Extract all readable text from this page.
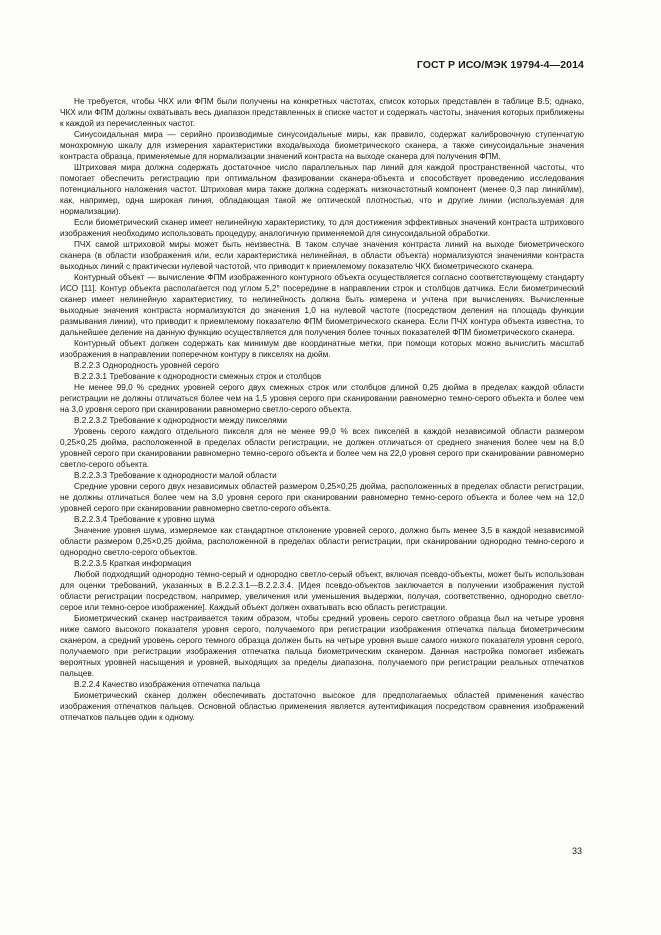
ГОСТ Р ИСО/МЭК 19794-4—2014

Не требуется, чтобы ЧКХ или ФПМ были получены на конкретных частотах, список которых представлен в таблице В.5; однако, ЧКХ или ФПМ должны охватывать весь диапазон представленных в списке частот и содержать частоты, значения которых приближены к каждой из перечисленных частот.

Синусоидальная мира — серийно производимые синусоидальные миры, как правило, содержат калибровочную ступенчатую монохромную шкалу для измерения характеристики входа/выхода биометрического сканера, а также синусоидальные значения контраста образца, применяемые для нормализации значений контраста на выходе сканера для получения ФПМ.

Штриховая мира должна содержать достаточное число параллельных пар линий для каждой пространственной частоты, что помогает обеспечить регистрацию при оптимальном фазировании сканера-объекта и способствует проведению исследования потенциального наложения частот. Штриховая мира также должна содержать низкочастотный компонент (менее 0,3 пар линий/мм), как, например, одна широкая линия, обладающая такой же оптической плотностью, что и другие линии (используемая для нормализации).

Если биометрический сканер имеет нелинейную характеристику, то для достижения эффективных значений контраста штрихового изображения необходимо использовать процедуру, аналогичную применяемой для синусоидальной обработки.

ПЧХ самой штриховой миры может быть неизвестна. В таком случае значения контраста линий на выходе биометрического сканера (в области изображения или, если характеристика нелинейная, в области объекта) нормализуются значениями контраста выходных линий с практически нулевой частотой, что приводит к приемлемому показателю ЧКХ биометрического сканера.

Контурный объект — вычисление ФПМ изображенного контурного объекта осуществляется согласно соответствующему стандарту ИСО [11]. Контур объекта располагается под углом 5,2° посередине в направлении строк и столбцов датчика. Если биометрический сканер имеет нелинейную характеристику, то нелинейность должна быть измерена и учтена при вычислениях. Вычисленные выходные значения контраста нормализуются до значения 1,0 на нулевой частоте (посредством деления на площадь функции размывания линии), что приводит к приемлемому показателю ФПМ биометрического сканера. Если ПЧХ контура объекта известна, то дальнейшее деление на данную функцию осуществляется для получения более точных показателей ФПМ биометрического сканера.

Контурный объект должен содержать как минимум две координатные метки, при помощи которых можно вычислить масштаб изображения в направлении поперечном контуру в пикселях на дюйм.

В.2.2.3 Однородность уровней серого

В.2.2.3.1 Требование к однородности смежных строк и столбцов

Не менее 99,0 % средних уровней серого двух смежных строк или столбцов длиной 0,25 дюйма в пределах каждой области регистрации не должны отличаться более чем на 1,5 уровня серого при сканировании равномерно темно-серого объекта и более чем на 3,0 уровня серого при сканировании равномерно светло-серого объекта.

В.2.2.3.2 Требование к однородности между пикселями

Уровень серого каждого отдельного пикселя для не менее 99,0 % всех пикселей в каждой независимой области размером 0,25×0,25 дюйма, расположенной в пределах области регистрации, не должен отличаться от среднего значения более чем на 8,0 уровней серого при сканировании равномерно темно-серого объекта и более чем на 22,0 уровня серого при сканировании равномерно светло-серого объекта.

В.2.2.3.3 Требование к однородности малой области

Средние уровни серого двух независимых областей размером 0,25×0,25 дюйма, расположенных в пределах области регистрации, не должны отличаться более чем на 3,0 уровня серого при сканировании равномерно темно-серого объекта и более чем на 12,0 уровней серого при сканировании равномерно светло-серого объекта.

В.2.2.3.4 Требование к уровню шума

Значение уровня шума, измеряемое как стандартное отклонение уровней серого, должно быть менее 3,5 в каждой независимой области размером 0,25×0,25 дюйма, расположенной в пределах области регистрации, при сканировании однородно темно-серого и однородно светло-серого объектов.

В.2.2.3.5 Краткая информация

Любой подходящий однородно темно-серый и однородно светло-серый объект, включая псевдо-объекты, может быть использован для оценки требований, указанных в В.2.2.3.1—В.2.2.3.4. [Идея псевдо-объектов заключается в получении изображения пустой области регистрации посредством, например, увеличения или уменьшения выдержки, получая, соответственно, однородно светло-серое или темно-серое изображение]. Каждый объект должен охватывать всю область регистрации.

Биометрический сканер настраивается таким образом, чтобы средний уровень серого светлого образца был на четыре уровня ниже самого высокого показателя уровня серого, получаемого при регистрации изображения отпечатка пальца биометрическим сканером, а средний уровень серого темного образца должен быть на четыре уровня выше самого низкого показателя уровня серого, получаемого при регистрации изображения отпечатка пальца биометрическим сканером. Данная настройка помогает избежать вероятных уровней насыщения и уровней, выходящих за пределы диапазона, получаемого при регистрации реальных отпечатков пальцев.

В.2.2.4 Качество изображения отпечатка пальца

Биометрический сканер должен обеспечивать достаточно высокое для предполагаемых областей применения качество изображения отпечатков пальцев. Основной областью применения является аутентификация посредством сравнения изображений отпечатков пальцев один к одному.

33
